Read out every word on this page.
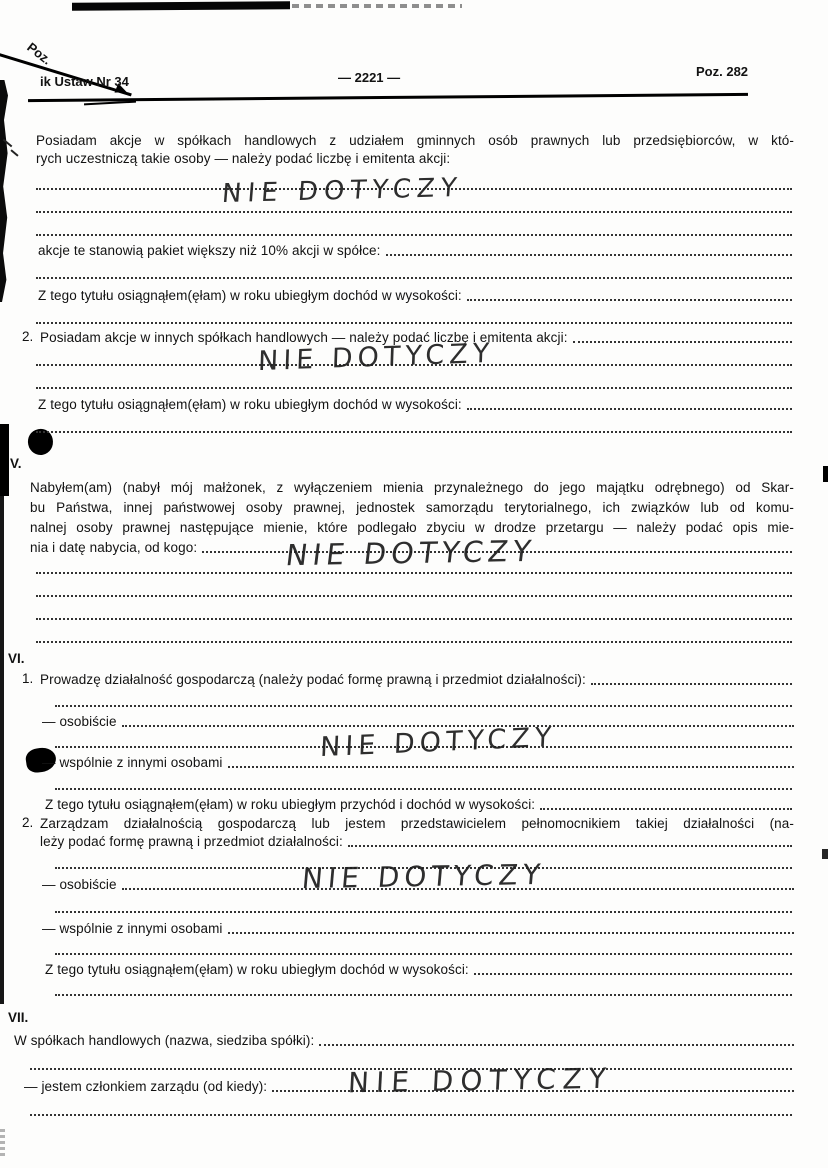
Poz.
ik Ustaw Nr 34	— 2221 —	Poz. 282
Posiadam akcje w spółkach handlowych z udziałem gminnych osób prawnych lub przedsiębiorców, w któ-
rych uczestniczą takie osoby — należy podać liczbę i emitenta akcji:
NIE DOTYCZY
akcje te stanowią pakiet większy niż 10% akcji w spółce:
Z tego tytułu osiągnąłem(ęłam) w roku ubiegłym dochód w wysokości:
2. Posiadam akcje w innych spółkach handlowych — należy podać liczbę i emitenta akcji:
NIE DOTYCZY
Z tego tytułu osiągnąłem(ęłam) w roku ubiegłym dochód w wysokości:
V.
Nabyłem(am) (nabył mój małżonek, z wyłączeniem mienia przynależnego do jego majątku odrębnego) od Skar-
bu Państwa, innej państwowej osoby prawnej, jednostek samorządu terytorialnego, ich związków lub od komu-
nalnej osoby prawnej następujące mienie, które podlegało zbyciu w drodze przetargu — należy podać opis mie-
nia i datę nabycia, od kogo:	NIE DOTYCZY
VI.
1. Prowadzę działalność gospodarczą (należy podać formę prawną i przedmiot działalności):
— osobiście
NIE DOTYCZY
— wspólnie z innymi osobami
Z tego tytułu osiągnąłem(ęłam) w roku ubiegłym przychód i dochód w wysokości:
2. Zarządzam działalnością gospodarczą lub jestem przedstawicielem pełnomocnikiem takiej działalności (na-
leży podać formę prawną i przedmiot działalności:
— osobiście	NIE DOTYCZY
— wspólnie z innymi osobami
Z tego tytułu osiągnąłem(ęłam) w roku ubiegłym dochód w wysokości:
VII.
W spółkach handlowych (nazwa, siedziba spółki):
— jestem członkiem zarządu (od kiedy):	NIE DOTYCZY
